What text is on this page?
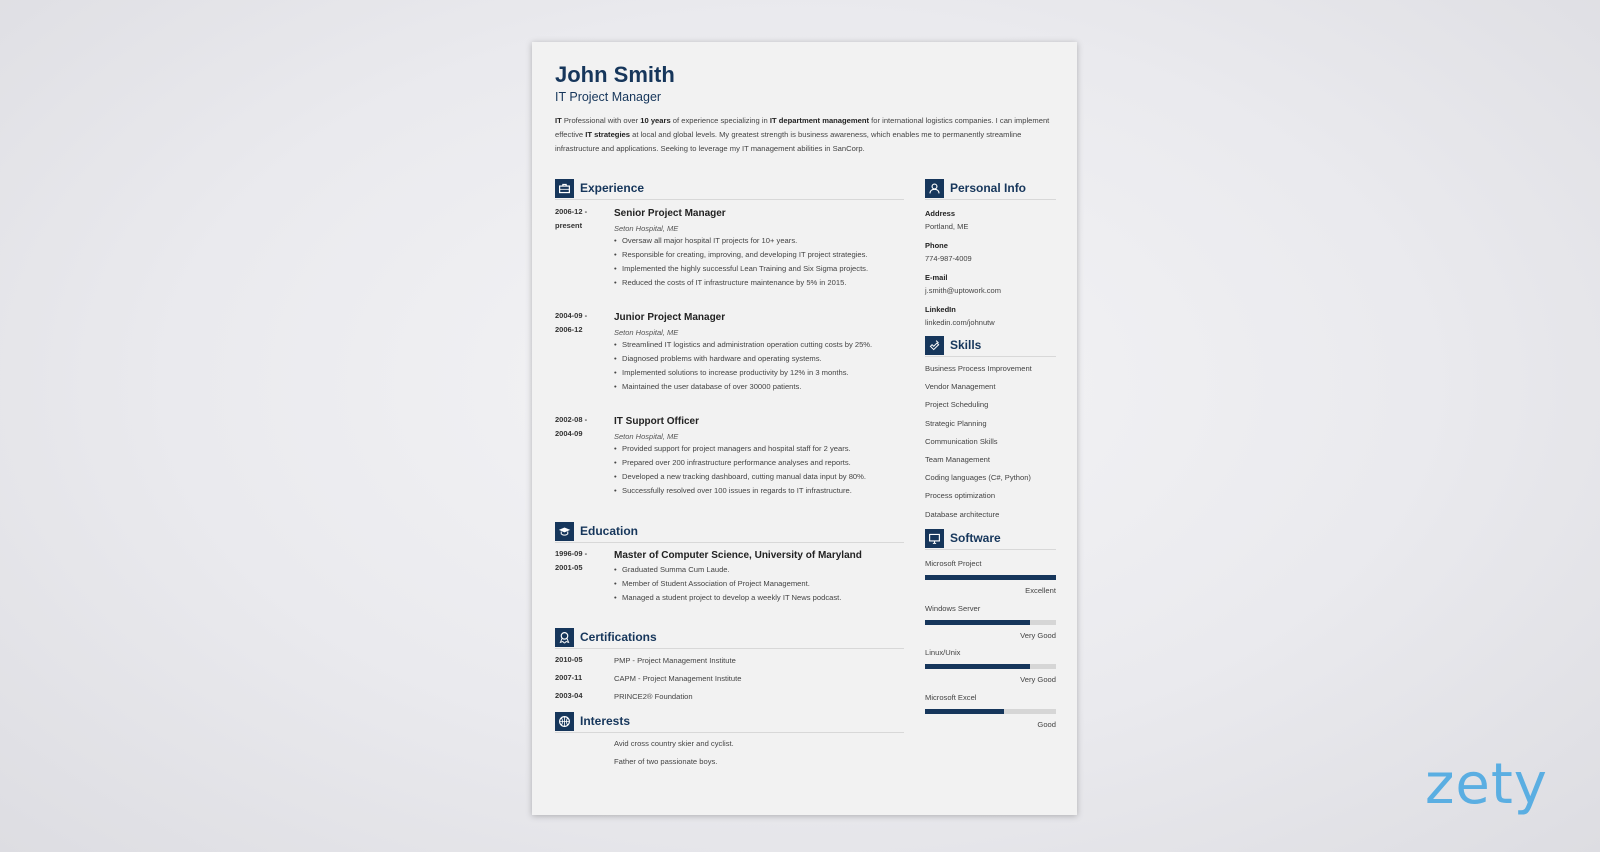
John Smith
IT Project Manager
IT Professional with over 10 years of experience specializing in IT department management for international logistics companies. I can implement effective IT strategies at local and global levels. My greatest strength is business awareness, which enables me to permanently streamline infrastructure and applications. Seeking to leverage my IT management abilities in SanCorp.
Experience
2006-12 - present
Senior Project Manager
Seton Hospital, ME
• Oversaw all major hospital IT projects for 10+ years.
• Responsible for creating, improving, and developing IT project strategies.
• Implemented the highly successful Lean Training and Six Sigma projects.
• Reduced the costs of IT infrastructure maintenance by 5% in 2015.
2004-09 - 2006-12
Junior Project Manager
Seton Hospital, ME
• Streamlined IT logistics and administration operation cutting costs by 25%.
• Diagnosed problems with hardware and operating systems.
• Implemented solutions to increase productivity by 12% in 3 months.
• Maintained the user database of over 30000 patients.
2002-08 - 2004-09
IT Support Officer
Seton Hospital, ME
• Provided support for project managers and hospital staff for 2 years.
• Prepared over 200 infrastructure performance analyses and reports.
• Developed a new tracking dashboard, cutting manual data input by 80%.
• Successfully resolved over 100 issues in regards to IT infrastructure.
Education
1996-09 - 2001-05
Master of Computer Science, University of Maryland
• Graduated Summa Cum Laude.
• Member of Student Association of Project Management.
• Managed a student project to develop a weekly IT News podcast.
Certifications
2010-05	PMP - Project Management Institute
2007-11	CAPM - Project Management Institute
2003-04	PRINCE2® Foundation
Interests
Avid cross country skier and cyclist.
Father of two passionate boys.
Personal Info
Address
Portland, ME
Phone
774-987-4009
E-mail
j.smith@uptowork.com
LinkedIn
linkedin.com/johnutw
Skills
Business Process Improvement
Vendor Management
Project Scheduling
Strategic Planning
Communication Skills
Team Management
Coding languages (C#, Python)
Process optimization
Database architecture
Software
Microsoft Project
Excellent
Windows Server
Very Good
Linux/Unix
Very Good
Microsoft Excel
Good
zety
